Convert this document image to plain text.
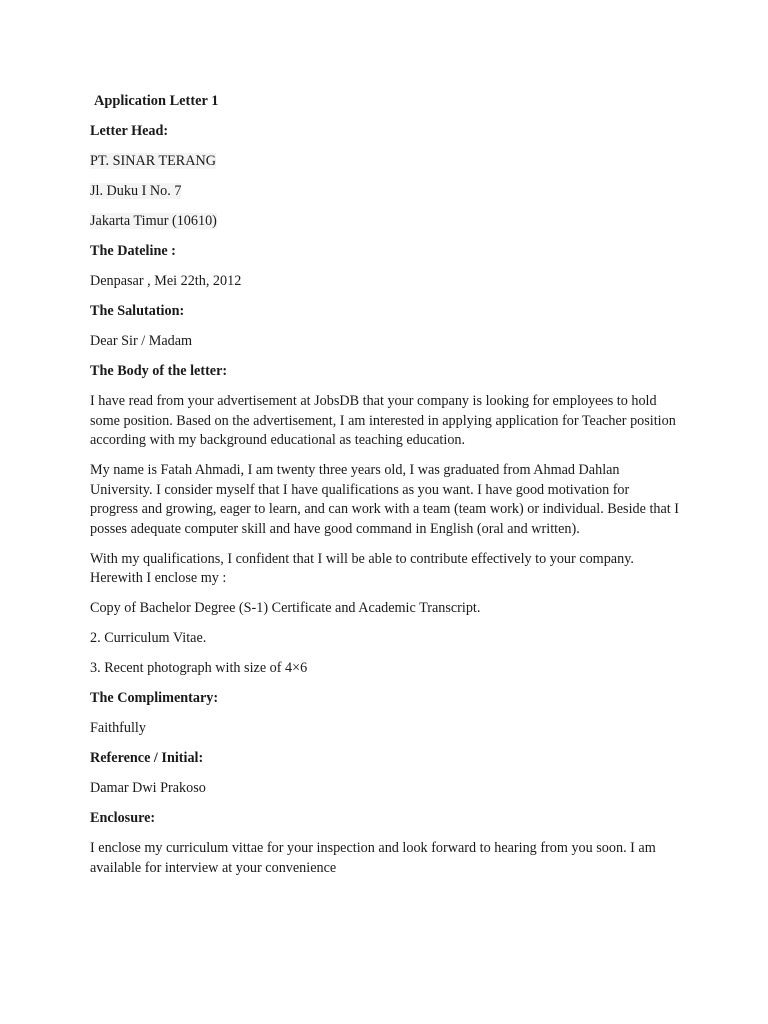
Application Letter 1
Letter Head:
PT. SINAR TERANG
Jl. Duku I No. 7
Jakarta Timur (10610)
The Dateline :
Denpasar , Mei 22th, 2012
The Salutation:
Dear Sir / Madam
The Body of the letter:
I have read from your advertisement at JobsDB that your company is looking for employees to hold some position. Based on the advertisement, I am interested in applying application for Teacher position according with my background educational as teaching education.
My name is Fatah Ahmadi, I am twenty three years old, I was graduated from Ahmad Dahlan University. I consider myself that I have qualifications as you want. I have good motivation for progress and growing, eager to learn, and can work with a team (team work) or individual. Beside that I posses adequate computer skill and have good command in English (oral and written).
With my qualifications, I confident that I will be able to contribute effectively to your company. Herewith I enclose my :
Copy of Bachelor Degree (S-1) Certificate and Academic Transcript.
2. Curriculum Vitae.
3. Recent photograph with size of 4×6
The Complimentary:
Faithfully
Reference / Initial:
Damar Dwi Prakoso
Enclosure:
I enclose my curriculum vittae for your inspection and look forward to hearing from you soon. I am available for interview at your convenience
